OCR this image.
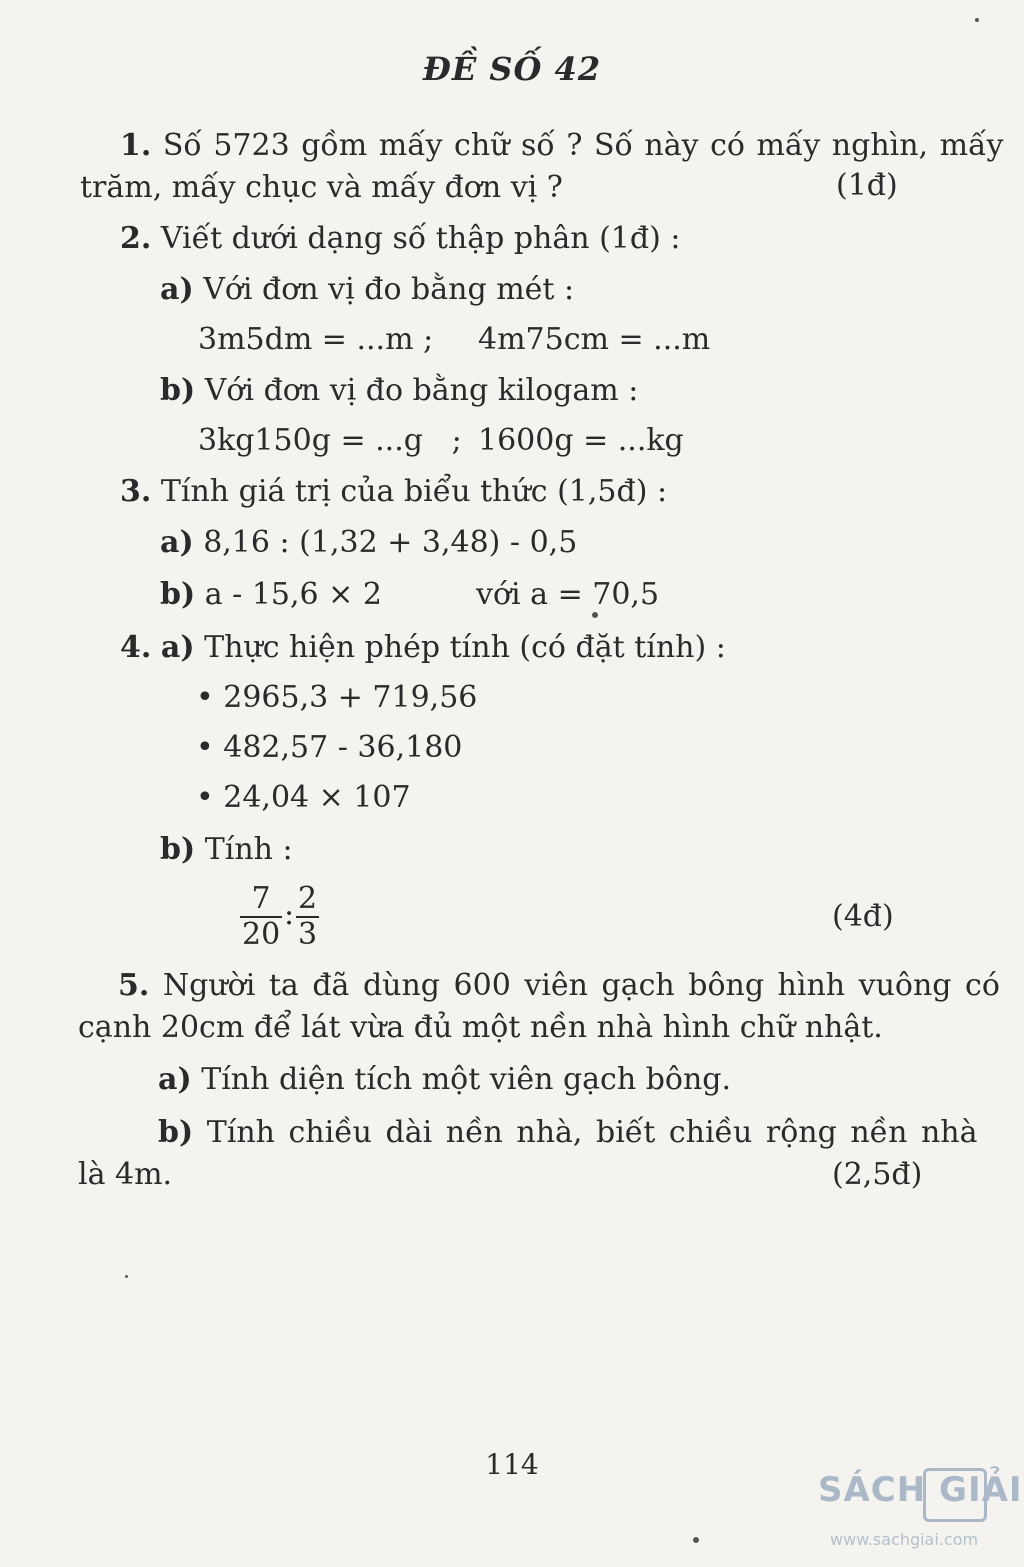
ĐỀ SỐ 42
1. Số 5723 gồm mấy chữ số ? Số này có mấy nghìn, mấy
trăm, mấy chục và mấy đơn vị ?	(1đ)
2. Viết dưới dạng số thập phân (1đ) :
a) Với đơn vị đo bằng mét :
3m5dm = ...m ; 4m75cm = ...m
b) Với đơn vị đo bằng kilogam :
3kg150g = ...g   ; 1600g = ...kg
3. Tính giá trị của biểu thức (1,5đ) :
a) 8,16 : (1,32 + 3,48) - 0,5
b) a - 15,6 × 2	với a = 70,5
4. a) Thực hiện phép tính (có đặt tính) :
• 2965,3 + 719,56
• 482,57 - 36,180
• 24,04 × 107
b) Tính :
$\frac{7}{20}$ : $\frac{2}{3}$	(4đ)
5. Người ta đã dùng 600 viên gạch bông hình vuông có
cạnh 20cm để lát vừa đủ một nền nhà hình chữ nhật.
a) Tính diện tích một viên gạch bông.
b) Tính chiều dài nền nhà, biết chiều rộng nền nhà
là 4m.	(2,5đ)
114
SÁCH GIẢI
www.sachgiai.com
